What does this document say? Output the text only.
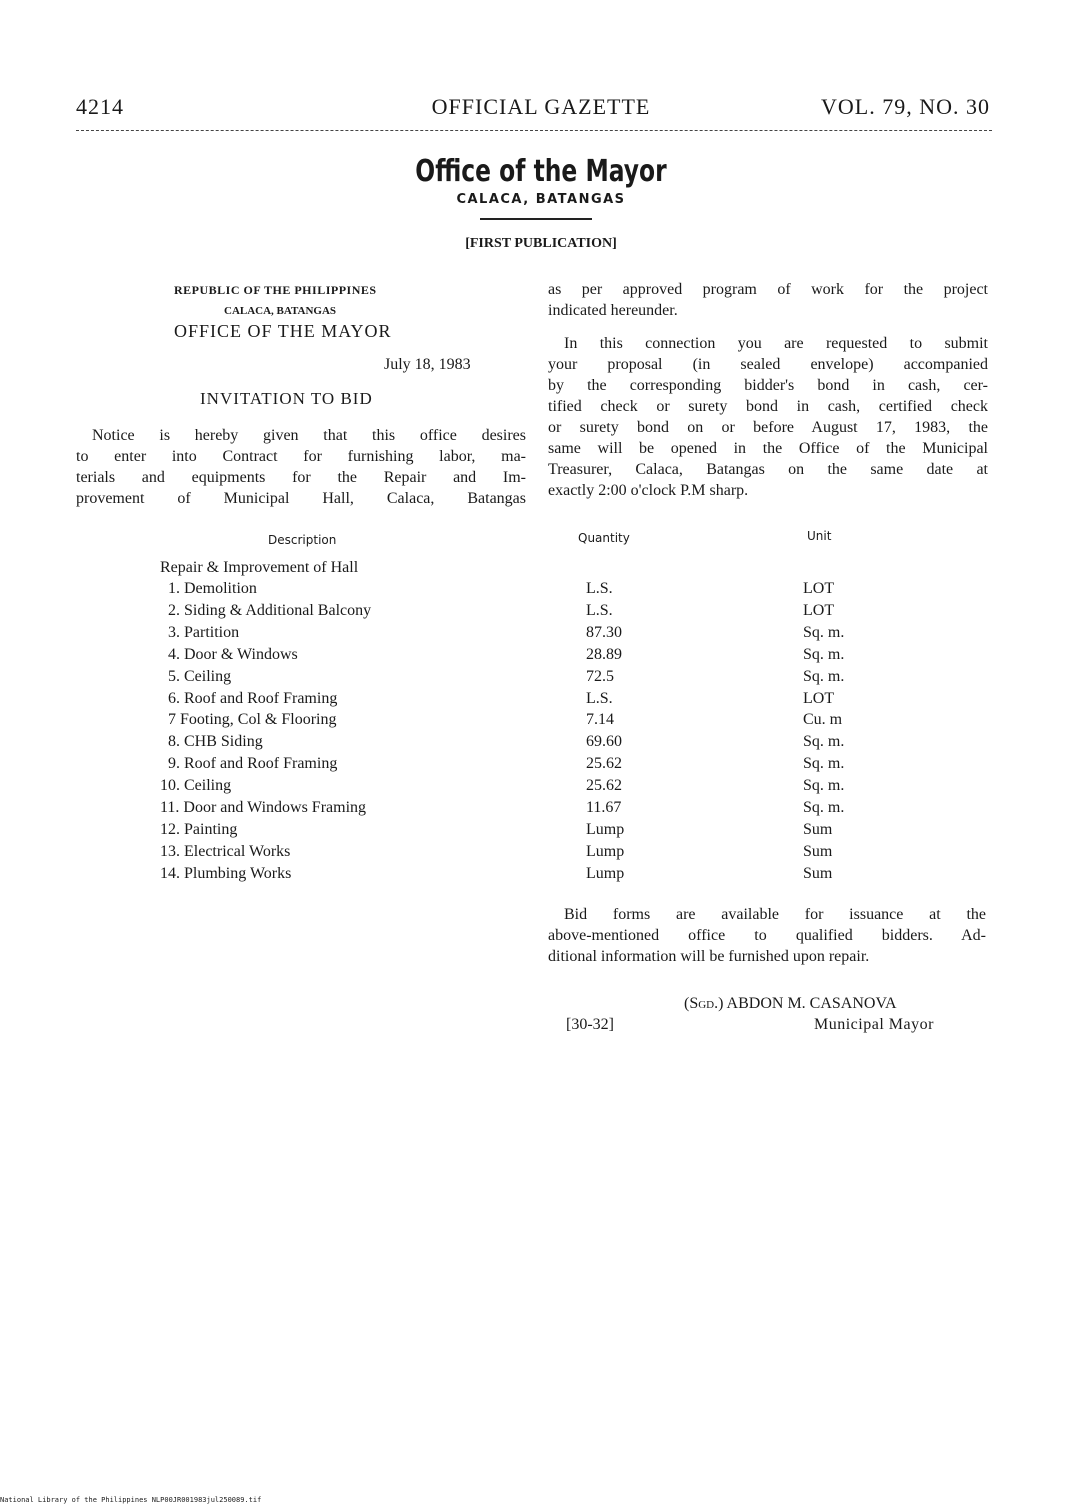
4214	OFFICIAL GAZETTE	VOL. 79, NO. 30
Office of the Mayor
CALACA, BATANGAS
[FIRST PUBLICATION]
REPUBLIC OF THE PHILIPPINES
CALACA, BATANGAS
OFFICE OF THE MAYOR
July 18, 1983
INVITATION TO BID
Notice is hereby given that this office desires
to enter into Contract for furnishing labor, ma-
terials and equipments for the Repair and Im-
provement of Municipal Hall, Calaca, Batangas
as per approved program of work for the project
indicated hereunder.
In this connection you are requested to submit
your proposal (in sealed envelope) accompanied
by the corresponding bidder's bond in cash, cer-
tified check or surety bond in cash, certified check
or surety bond on or before August 17, 1983, the
same will be opened in the Office of the Municipal
Treasurer, Calaca, Batangas on the same date at
exactly 2:00 o'clock P.M sharp.
Description	Quantity	Unit
Repair & Improvement of Hall
1. Demolition	L.S.	LOT
2. Siding & Additional Balcony	L.S.	LOT
3. Partition	87.30	Sq. m.
4. Door & Windows	28.89	Sq. m.
5. Ceiling	72.5	Sq. m.
6. Roof and Roof Framing	L.S.	LOT
7 Footing, Col & Flooring	7.14	Cu. m
8. CHB Siding	69.60	Sq. m.
9. Roof and Roof Framing	25.62	Sq. m.
10. Ceiling	25.62	Sq. m.
11. Door and Windows Framing	11.67	Sq. m.
12. Painting	Lump	Sum
13. Electrical Works	Lump	Sum
14. Plumbing Works	Lump	Sum
Bid forms are available for issuance at the
above-mentioned office to qualified bidders. Ad-
ditional information will be furnished upon repair.
(Sgd.) ABDON M. CASANOVA
Municipal Mayor
[30-32]
National Library of the Philippines NLP00JR001983jul250089.tif
